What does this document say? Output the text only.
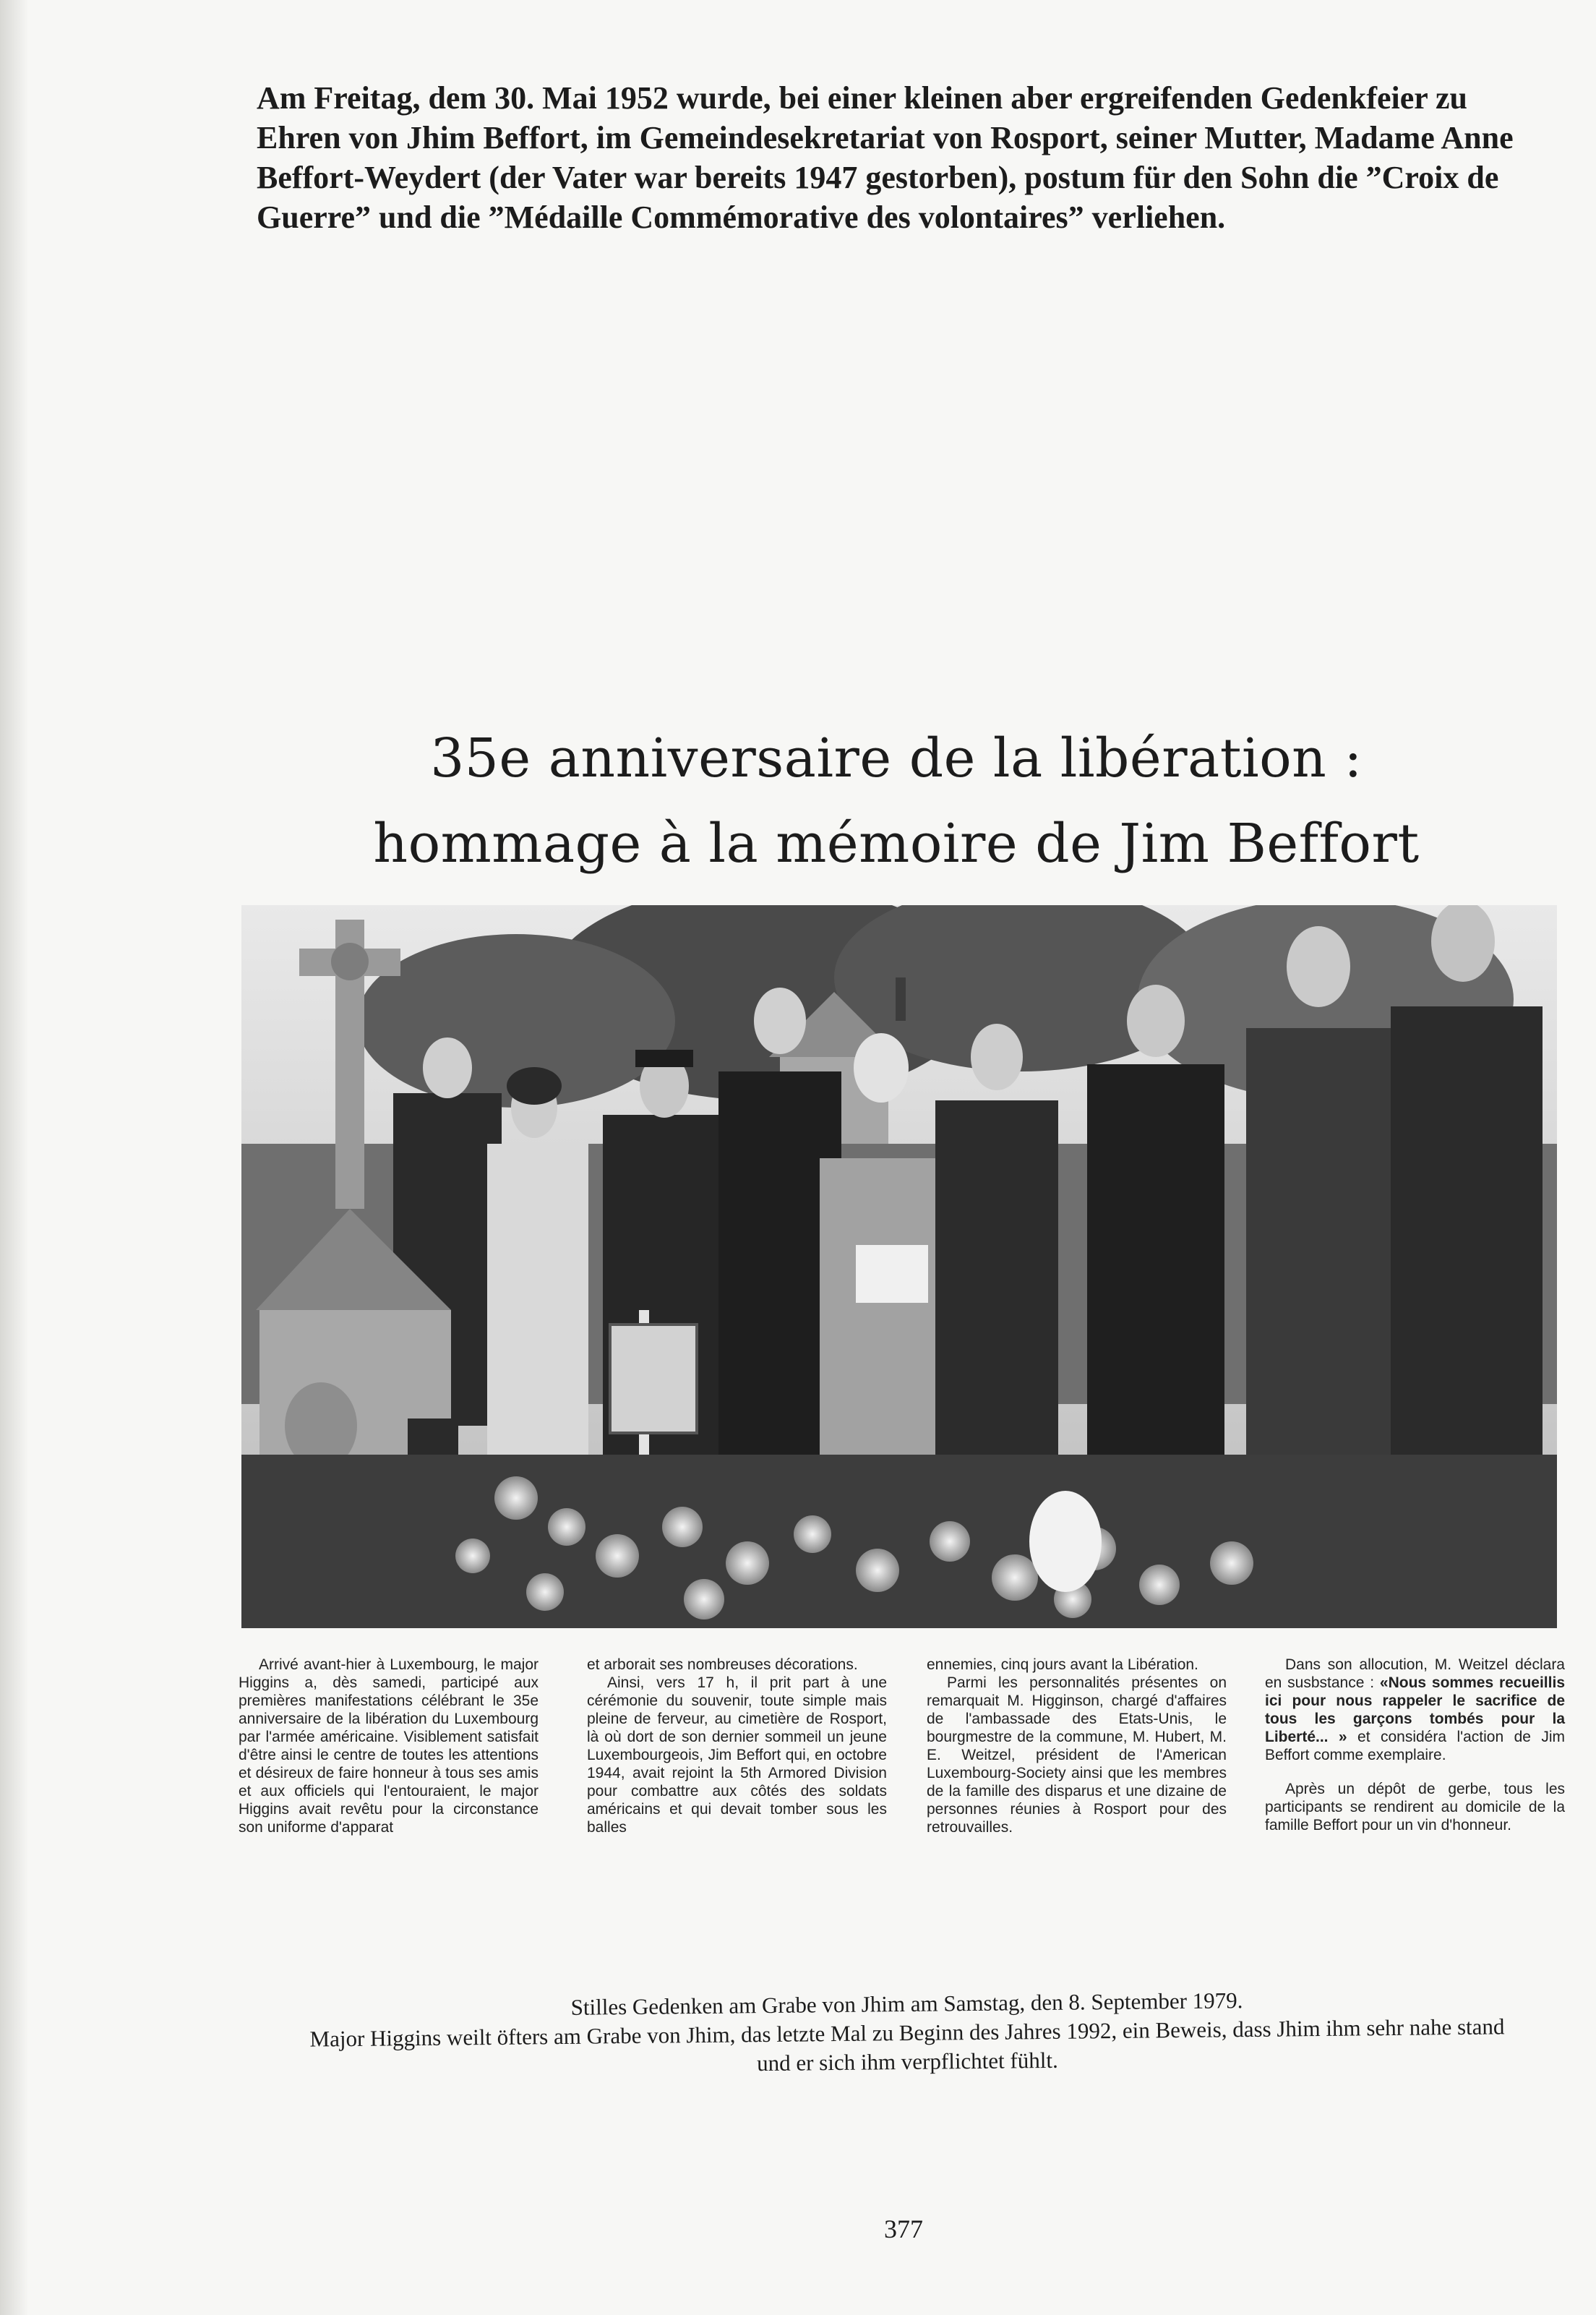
Am Freitag, dem 30. Mai 1952 wurde, bei einer kleinen aber ergreifenden Gedenkfeier zu Ehren von Jhim Beffort, im Gemeindesekretariat von Rosport, seiner Mutter, Madame Anne Beffort-Weydert (der Vater war bereits 1947 gestorben), postum für den Sohn die ”Croix de Guerre” und die ”Médaille Commémorative des volontaires” verliehen.

35e anniversaire de la libération :
hommage à la mémoire de Jim Beffort

Arrivé avant-hier à Luxembourg, le major Higgins a, dès samedi, participé aux premières manifestations célébrant le 35e anniversaire de la libération du Luxembourg par l'armée américaine. Visiblement satisfait d'être ainsi le centre de toutes les attentions et désireux de faire honneur à tous ses amis et aux officiels qui l'entouraient, le major Higgins avait revêtu pour la circonstance son uniforme d'apparat

et arborait ses nombreuses décorations.

Ainsi, vers 17 h, il prit part à une cérémonie du souvenir, toute simple mais pleine de ferveur, au cimetière de Rosport, là où dort de son dernier sommeil un jeune Luxembourgeois, Jim Beffort qui, en octobre 1944, avait rejoint la 5th Armored Division pour combattre aux côtés des soldats américains et qui devait tomber sous les balles

ennemies, cinq jours avant la Libération.

Parmi les personnalités présentes on remarquait M. Higginson, chargé d'affaires de l'ambassade des Etats-Unis, le bourgmestre de la commune, M. Hubert, M. E. Weitzel, président de l'American Luxembourg-Society ainsi que les membres de la famille des disparus et une dizaine de personnes réunies à Rosport pour des retrouvailles.

Dans son allocution, M. Weitzel déclara en susbstance : «Nous sommes recueillis ici pour nous rappeler le sacrifice de tous les garçons tombés pour la Liberté... » et considéra l'action de Jim Beffort comme exemplaire.

Après un dépôt de gerbe, tous les participants se rendirent au domicile de la famille Beffort pour un vin d'honneur.

Stilles Gedenken am Grabe von Jhim am Samstag, den 8. September 1979.
Major Higgins weilt öfters am Grabe von Jhim, das letzte Mal zu Beginn des Jahres 1992, ein Beweis, dass Jhim ihm sehr nahe stand
und er sich ihm verpflichtet fühlt.

377
